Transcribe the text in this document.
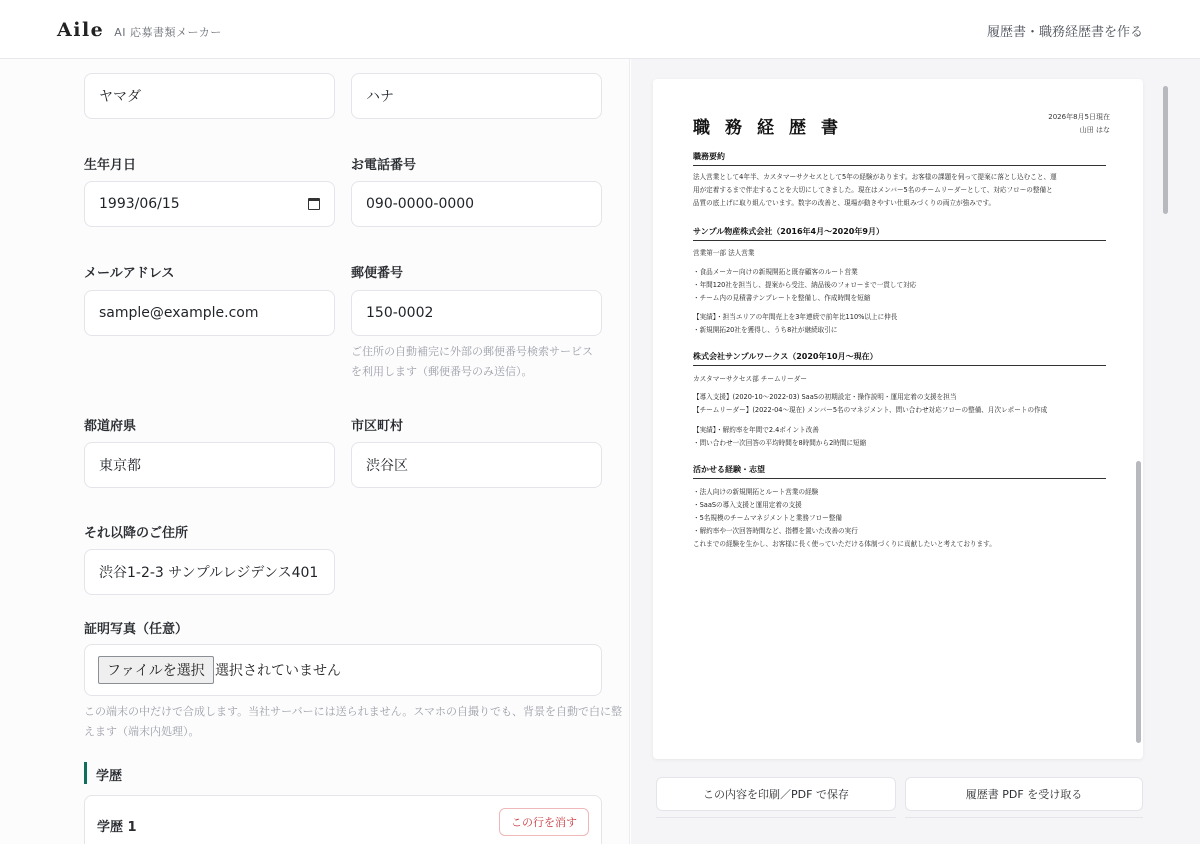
Aile AI 応募書類メーカー	履歴書・職務経歴書を作る
ヤマダ	ハナ
生年月日
1993/06/15
お電話番号
090-0000-0000
メールアドレス
sample@example.com
郵便番号
150-0002
ご住所の自動補完に外部の郵便番号検索サービス
を利用します（郵便番号のみ送信）。
都道府県
東京都
市区町村
渋谷区
それ以降のご住所
渋谷1-2-3 サンプルレジデンス401
証明写真（任意）
ファイルを選択 選択されていません
この端末の中だけで合成します。当社サーバーには送られません。スマホの自撮りでも、背景を自動で白に整
えます（端末内処理）。
学歴
学歴 1	この行を消す
職務経歴書
2026年8月5日現在
山田 はな
職務要約
法人営業として4年半、カスタマーサクセスとして5年の経験があります。お客様の課題を伺って提案に落とし込むこと、運
用が定着するまで伴走することを大切にしてきました。現在はメンバー5名のチームリーダーとして、対応フローの整備と
品質の底上げに取り組んでいます。数字の改善と、現場が動きやすい仕組みづくりの両立が強みです。
サンプル物産株式会社（2016年4月〜2020年9月）
営業第一部 法人営業
・食品メーカー向けの新規開拓と既存顧客のルート営業
・年間120社を担当し、提案から受注、納品後のフォローまで一貫して対応
・チーム内の見積書テンプレートを整備し、作成時間を短縮
【実績】・担当エリアの年間売上を3年連続で前年比110%以上に伸長
・新規開拓20社を獲得し、うち8社が継続取引に
株式会社サンプルワークス（2020年10月〜現在）
カスタマーサクセス部 チームリーダー
【導入支援】(2020-10〜2022-03) SaaSの初期設定・操作説明・運用定着の支援を担当
【チームリーダー】(2022-04〜現在) メンバー5名のマネジメント、問い合わせ対応フローの整備、月次レポートの作成
【実績】・解約率を年間で2.4ポイント改善
・問い合わせ一次回答の平均時間を8時間から2時間に短縮
活かせる経験・志望
・法人向けの新規開拓とルート営業の経験
・SaaSの導入支援と運用定着の支援
・5名規模のチームマネジメントと業務フロー整備
・解約率や一次回答時間など、指標を置いた改善の実行
これまでの経験を生かし、お客様に長く使っていただける体制づくりに貢献したいと考えております。
この内容を印刷／PDF で保存	履歴書 PDF を受け取る
